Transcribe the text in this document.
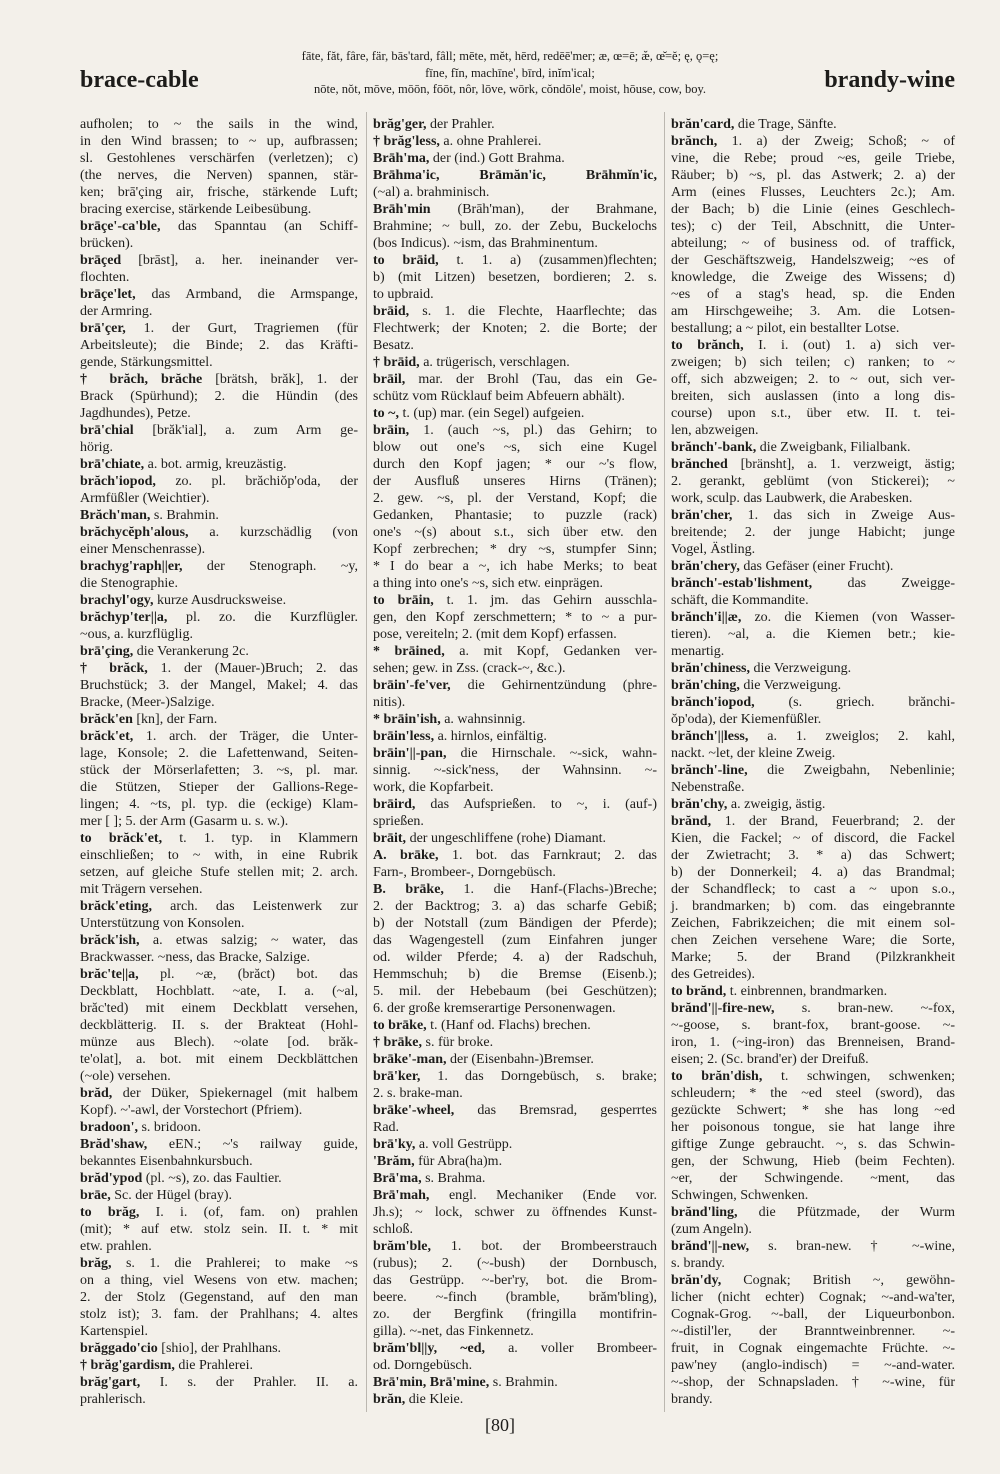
brace-cable
fāte, făt, fâre, fär, bās'tard, fâll; mēte, mĕt, hērd, redēē'mer; æ, œ=ē; æ̆, œ̆=ĕ; ę, ǫ=ę;
fīne, fĭn, machīne', bīrd, inĭm'ical;
nōte, nŏt, mōve, mōōn, fōōt, nôr, lōve, wōrk, cŏndōle', moist, hōuse, cow, boy.	brandy-wine
aufholen; to ~ the sails in the wind,
in den Wind brassen; to ~ up, aufbrassen;
sl. Gestohlenes verschärfen (verletzen); c)
(the nerves, die Nerven) spannen, stär-
ken; brā'çing air, frische, stärkende Luft;
bracing exercise, stärkende Leibesübung.
brāçe'-ca'ble, das Spanntau (an Schiff-
brücken).
brāçed [brāst], a. her. ineinander ver-
flochten.
brāçe'let, das Armband, die Armspange,
der Armring.
brā'çer, 1. der Gurt, Tragriemen (für
Arbeitsleute); die Binde; 2. das Kräfti-
gende, Stärkungsmittel.
† brăch, brăche [brätsh, brăk], 1. der
Brack (Spürhund); 2. die Hündin (des
Jagdhundes), Petze.
brā'chial [brăk'ial], a. zum Arm ge-
hörig.
brā'chiate, a. bot. armig, kreuzästig.
brăch'iopod, zo. pl. brăchiŏp'oda, der
Armfüßler (Weichtier).
Brăch'man, s. Brahmin.
brăchycĕph'alous, a. kurzschädlig (von
einer Menschenrasse).
brachyg'raph||er, der Stenograph. ~y,
die Stenographie.
brachyl'ogy, kurze Ausdrucksweise.
brăchyp'ter||a, pl. zo. die Kurzflügler.
~ous, a. kurzflüglig.
brā'çing, die Verankerung 2c.
† brăck, 1. der (Mauer-)Bruch; 2. das
Bruchstück; 3. der Mangel, Makel; 4. das
Bracke, (Meer-)Salzige.
brăck'en [kn], der Farn.
brăck'et, 1. arch. der Träger, die Unter-
lage, Konsole; 2. die Lafettenwand, Seiten-
stück der Mörserlafetten; 3. ~s, pl. mar.
die Stützen, Stieper der Gallions-Rege-
lingen; 4. ~ts, pl. typ. die (eckige) Klam-
mer [ ]; 5. der Arm (Gasarm u. s. w.).
to brăck'et, t. 1. typ. in Klammern
einschließen; to ~ with, in eine Rubrik
setzen, auf gleiche Stufe stellen mit; 2. arch.
mit Trägern versehen.
brăck'eting, arch. das Leistenwerk zur
Unterstützung von Konsolen.
brăck'ish, a. etwas salzig; ~ water, das
Brackwasser. ~ness, das Bracke, Salzige.
brăc'te||a, pl. ~æ, (brăct) bot. das
Deckblatt, Hochblatt. ~ate, I. a. (~al,
brăc'ted) mit einem Deckblatt versehen,
deckblätterig. II. s. der Brakteat (Hohl-
münze aus Blech). ~olate [od. brăk-
te'olat], a. bot. mit einem Deckblättchen
(~ole) versehen.
brăd, der Düker, Spiekernagel (mit halbem
Kopf). ~'-awl, der Vorstechort (Pfriem).
bradoon', s. bridoon.
Brăd'shaw, eEN.; ~'s railway guide,
bekanntes Eisenbahnkursbuch.
brăd'ypod (pl. ~s), zo. das Faultier.
brāe, Sc. der Hügel (bray).
to brăg, I. i. (of, fam. on) prahlen
(mit); * auf etw. stolz sein. II. t. * mit
etw. prahlen.
brăg, s. 1. die Prahlerei; to make ~s
on a thing, viel Wesens von etw. machen;
2. der Stolz (Gegenstand, auf den man
stolz ist); 3. fam. der Prahlhans; 4. altes
Kartenspiel.
brăggado'cio [shio], der Prahlhans.
† brăg'gardism, die Prahlerei.
brăg'gart, I. s. der Prahler. II. a.
prahlerisch.
brăg'ger, der Prahler.
† brăg'less, a. ohne Prahlerei.
Brāh'ma, der (ind.) Gott Brahma.
Brāhma'ic, Brāmăn'ic, Brāhmĭn'ic,
(~al) a. brahminisch.
Brāh'min (Brāh'man), der Brahmane,
Brahmine; ~ bull, zo. der Zebu, Buckelochs
(bos Indicus). ~ism, das Brahminentum.
to brāid, t. 1. a) (zusammen)flechten;
b) (mit Litzen) besetzen, bordieren; 2. s.
to upbraid.
brāid, s. 1. die Flechte, Haarflechte; das
Flechtwerk; der Knoten; 2. die Borte; der
Besatz.
† brāid, a. trügerisch, verschlagen.
brāil, mar. der Brohl (Tau, das ein Ge-
schütz vom Rücklauf beim Abfeuern abhält).
to ~, t. (up) mar. (ein Segel) aufgeien.
brāin, 1. (auch ~s, pl.) das Gehirn; to
blow out one's ~s, sich eine Kugel
durch den Kopf jagen; * our ~'s flow,
der Ausfluß unseres Hirns (Tränen);
2. gew. ~s, pl. der Verstand, Kopf; die
Gedanken, Phantasie; to puzzle (rack)
one's ~(s) about s.t., sich über etw. den
Kopf zerbrechen; * dry ~s, stumpfer Sinn;
* I do bear a ~, ich habe Merks; to beat
a thing into one's ~s, sich etw. einprägen.
to brāin, t. 1. jm. das Gehirn ausschla-
gen, den Kopf zerschmettern; * to ~ a pur-
pose, vereiteln; 2. (mit dem Kopf) erfassen.
* brāined, a. mit Kopf, Gedanken ver-
sehen; gew. in Zss. (crack-~, &c.).
brāin'-fe'ver, die Gehirnentzündung (phre-
nitis).
* brāin'ish, a. wahnsinnig.
brāin'less, a. hirnlos, einfältig.
brāin'||-pan, die Hirnschale. ~-sick, wahn-
sinnig. ~-sick'ness, der Wahnsinn. ~-
work, die Kopfarbeit.
brāird, das Aufsprießen. to ~, i. (auf-)
sprießen.
brāit, der ungeschliffene (rohe) Diamant.
A. brāke, 1. bot. das Farnkraut; 2. das
Farn-, Brombeer-, Dorngebüsch.
B. brāke, 1. die Hanf-(Flachs-)Breche;
2. der Backtrog; 3. a) das scharfe Gebiß;
b) der Notstall (zum Bändigen der Pferde);
das Wagengestell (zum Einfahren junger
od. wilder Pferde; 4. a) der Radschuh,
Hemmschuh; b) die Bremse (Eisenb.);
5. mil. der Hebebaum (bei Geschützen);
6. der große kremserartige Personenwagen.
to brāke, t. (Hanf od. Flachs) brechen.
† brāke, s. für broke.
brāke'-man, der (Eisenbahn-)Bremser.
brā'ker, 1. das Dorngebüsch, s. brake;
2. s. brake-man.
brāke'-wheel, das Bremsrad, gesperrtes
Rad.
brā'ky, a. voll Gestrüpp.
'Brăm, für Abra(ha)m.
Brā'ma, s. Brahma.
Brā'mah, engl. Mechaniker (Ende vor.
Jh.s); ~ lock, schwer zu öffnendes Kunst-
schloß.
brăm'ble, 1. bot. der Brombeerstrauch
(rubus); 2. (~-bush) der Dornbusch,
das Gestrüpp. ~-ber'ry, bot. die Brom-
beere. ~-finch (bramble, brăm'bling),
zo. der Bergfink (fringilla montifrin-
gilla). ~-net, das Finkennetz.
brăm'bl||y, ~ed, a. voller Brombeer-
od. Dorngebüsch.
Brā'min, Brā'mine, s. Brahmin.
brăn, die Kleie.
brăn'card, die Trage, Sänfte.
brănch, 1. a) der Zweig; Schoß; ~ of
vine, die Rebe; proud ~es, geile Triebe,
Räuber; b) ~s, pl. das Astwerk; 2. a) der
Arm (eines Flusses, Leuchters 2c.); Am.
der Bach; b) die Linie (eines Geschlech-
tes); c) der Teil, Abschnitt, die Unter-
abteilung; ~ of business od. of traffick,
der Geschäftszweig, Handelszweig; ~es of
knowledge, die Zweige des Wissens; d)
~es of a stag's head, sp. die Enden
am Hirschgeweihe; 3. Am. die Lotsen-
bestallung; a ~ pilot, ein bestallter Lotse.
to brănch, I. i. (out) 1. a) sich ver-
zweigen; b) sich teilen; c) ranken; to ~
off, sich abzweigen; 2. to ~ out, sich ver-
breiten, sich auslassen (into a long dis-
course) upon s.t., über etw. II. t. tei-
len, abzweigen.
brănch'-bank, die Zweigbank, Filialbank.
brănched [bränsht], a. 1. verzweigt, ästig;
2. gerankt, geblümt (von Stickerei); ~
work, sculp. das Laubwerk, die Arabesken.
brăn'cher, 1. das sich in Zweige Aus-
breitende; 2. der junge Habicht; junge
Vogel, Ästling.
brăn'chery, das Gefäser (einer Frucht).
brănch'-estab'lishment, das Zweigge-
schäft, die Kommandite.
brănch'i||æ, zo. die Kiemen (von Wasser-
tieren). ~al, a. die Kiemen betr.; kie-
menartig.
brăn'chiness, die Verzweigung.
brăn'ching, die Verzweigung.
brănch'iopod, (s. griech. brănchi-
ŏp'oda), der Kiemenfüßler.
brănch'||less, a. 1. zweiglos; 2. kahl,
nackt. ~let, der kleine Zweig.
brănch'-line, die Zweigbahn, Nebenlinie;
Nebenstraße.
brăn'chy, a. zweigig, ästig.
brănd, 1. der Brand, Feuerbrand; 2. der
Kien, die Fackel; ~ of discord, die Fackel
der Zwietracht; 3. * a) das Schwert;
b) der Donnerkeil; 4. a) das Brandmal;
der Schandfleck; to cast a ~ upon s.o.,
j. brandmarken; b) com. das eingebrannte
Zeichen, Fabrikzeichen; die mit einem sol-
chen Zeichen versehene Ware; die Sorte,
Marke; 5. der Brand (Pilzkrankheit
des Getreides).
to brănd, t. einbrennen, brandmarken.
brănd'||-fire-new, s. bran-new. ~-fox,
~-goose, s. brant-fox, brant-goose. ~-
iron, 1. (~ing-iron) das Brenneisen, Brand-
eisen; 2. (Sc. brand'er) der Dreifuß.
to brăn'dish, t. schwingen, schwenken;
schleudern; * the ~ed steel (sword), das
gezückte Schwert; * she has long ~ed
her poisonous tongue, sie hat lange ihre
giftige Zunge gebraucht. ~, s. das Schwin-
gen, der Schwung, Hieb (beim Fechten).
~er, der Schwingende. ~ment, das
Schwingen, Schwenken.
brănd'ling, die Pfützmade, der Wurm
(zum Angeln).
brănd'||-new, s. bran-new. † ~-wine,
s. brandy.
brăn'dy, Cognak; British ~, gewöhn-
licher (nicht echter) Cognak; ~-and-wa'ter,
Cognak-Grog. ~-ball, der Liqueurbonbon.
~-distil'ler, der Branntweinbrenner. ~-
fruit, in Cognak eingemachte Früchte. ~-
paw'ney (anglo-indisch) = ~-and-water.
~-shop, der Schnapsladen. † ~-wine, für
brandy.
[80]
